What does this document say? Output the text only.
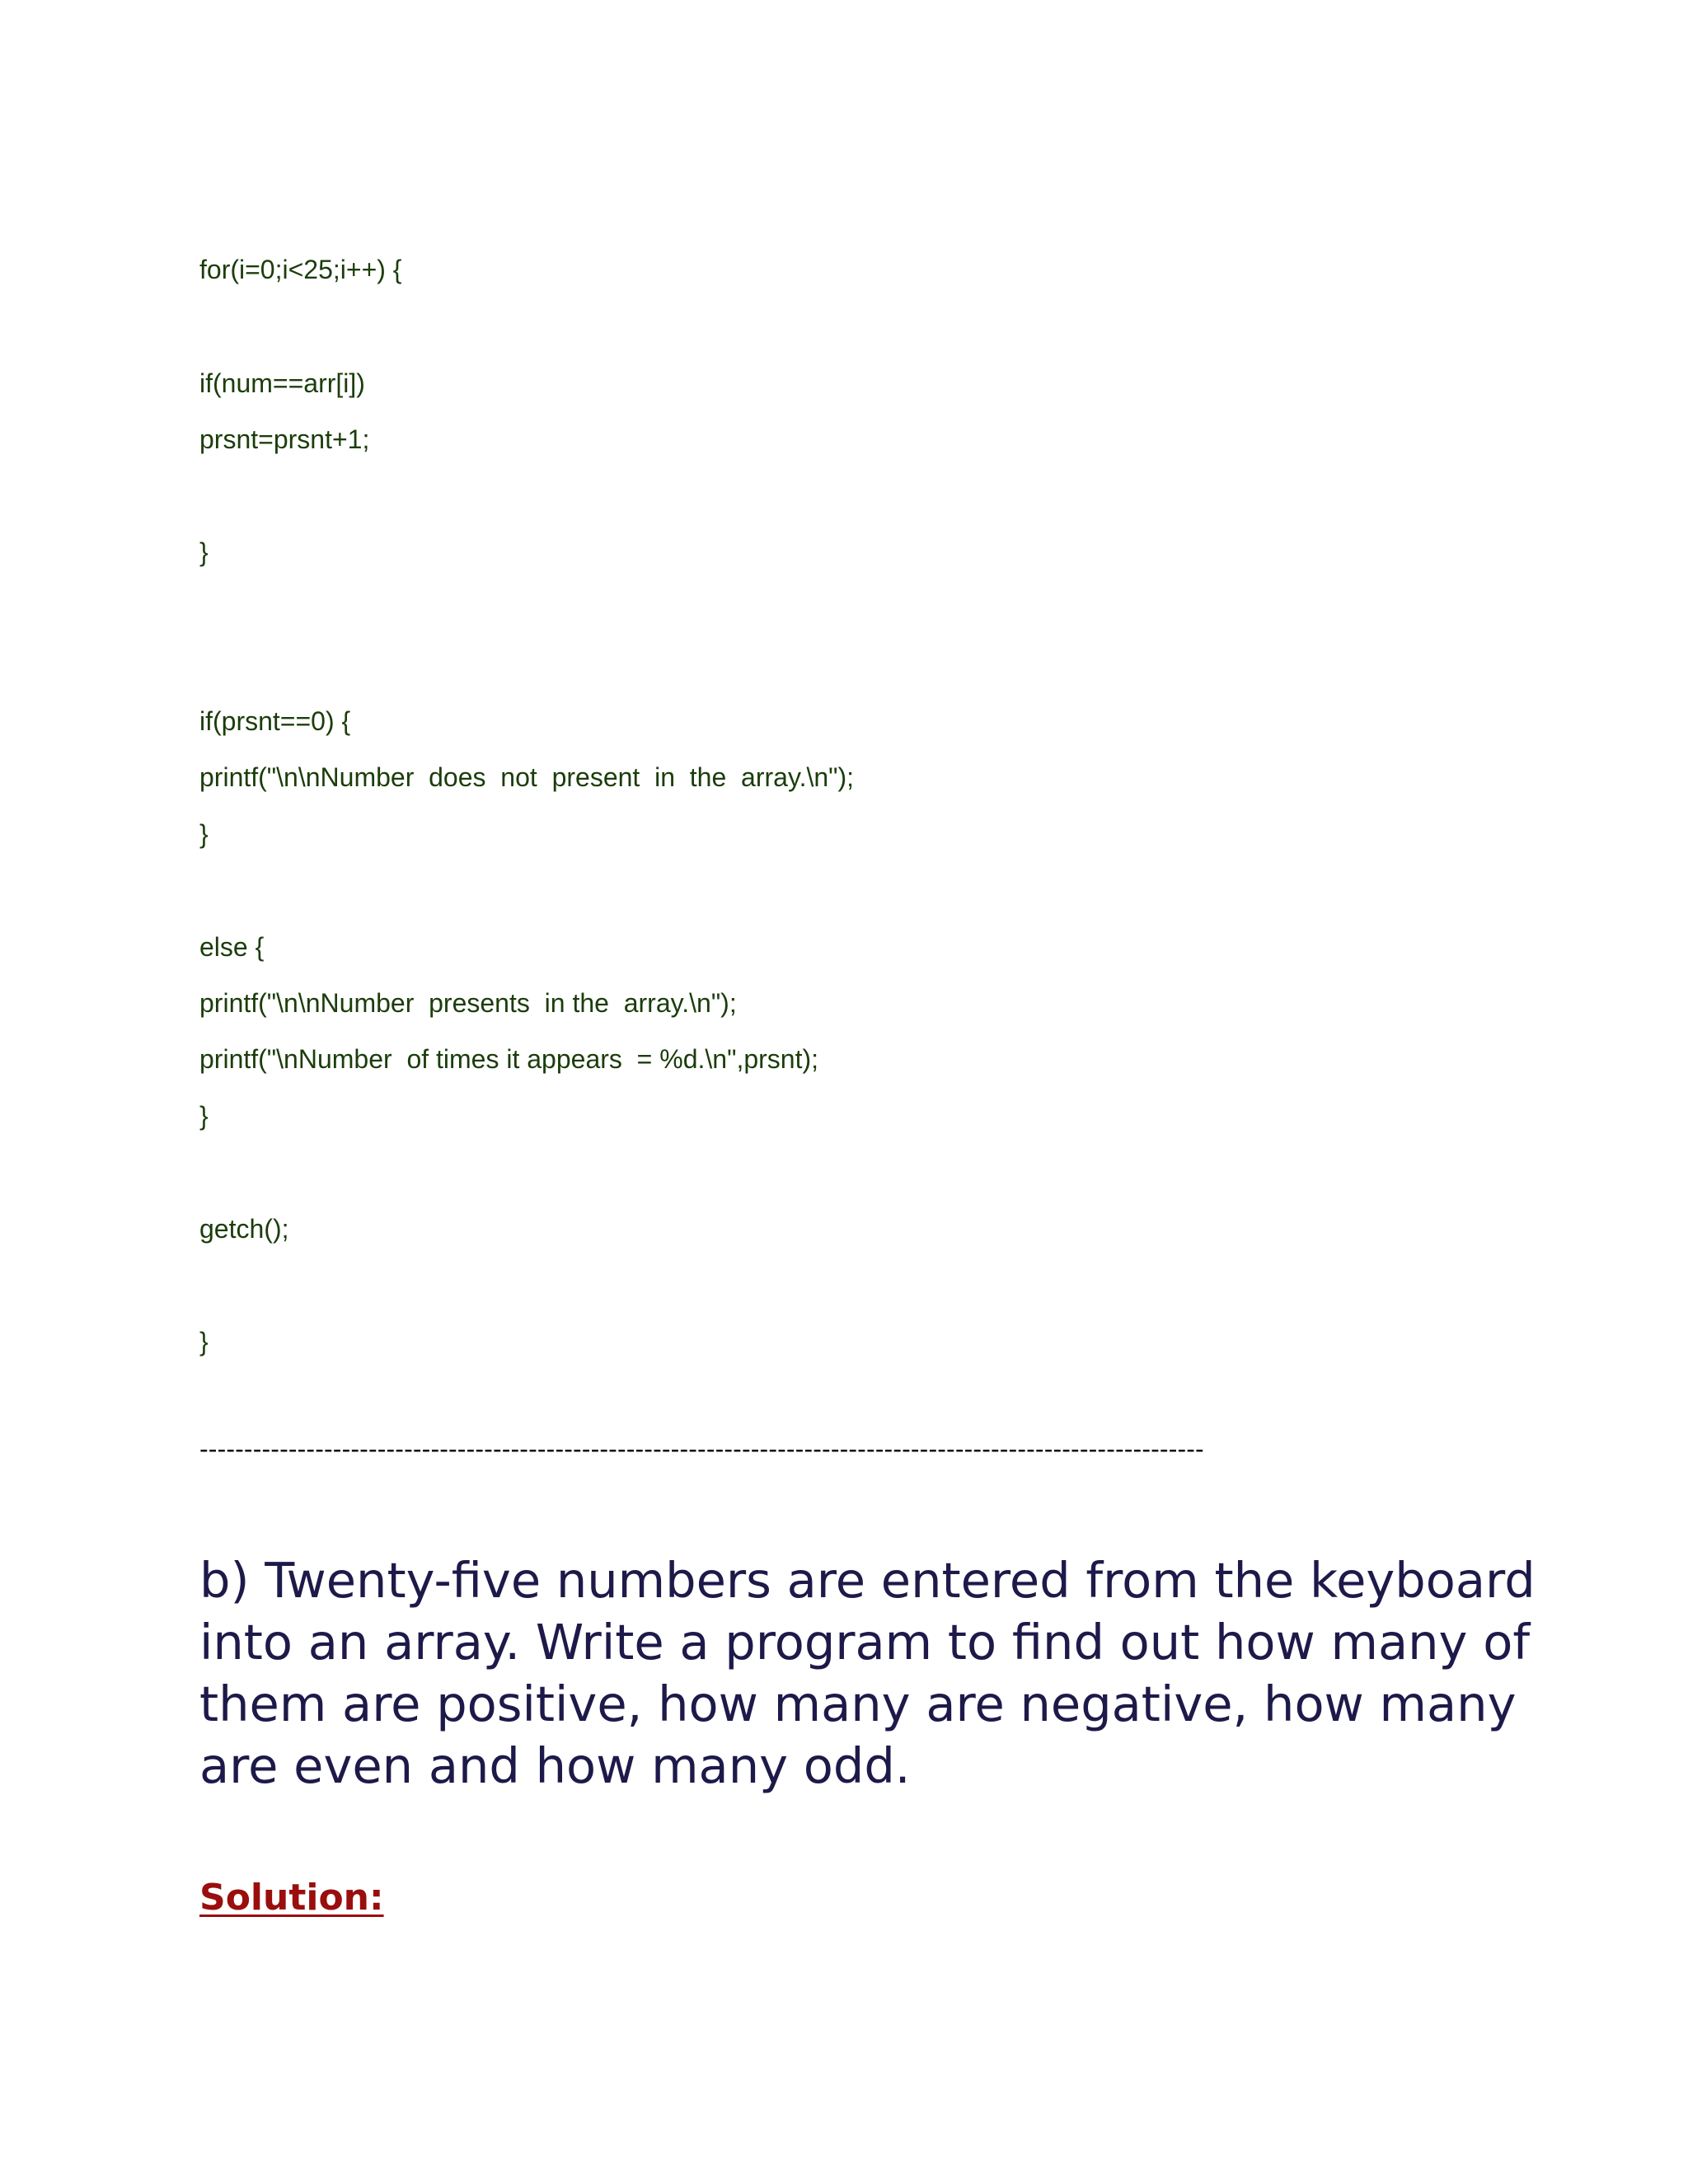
for(i=0;i<25;i++) {

if(num==arr[i])

prsnt=prsnt+1;

}

if(prsnt==0) {

printf("\n\nNumber  does  not  present  in  the  array.\n");

}

else {

printf("\n\nNumber  presents  in the  array.\n");

printf("\nNumber  of times it appears  = %d.\n",prsnt);

}

getch();

}

-----------------------------------------------------------------------------------------------------------------

b) Twenty-five numbers are entered from the keyboard into an array. Write a program to find out how many of them are positive, how many are negative, how many are even and how many odd.

Solution:
